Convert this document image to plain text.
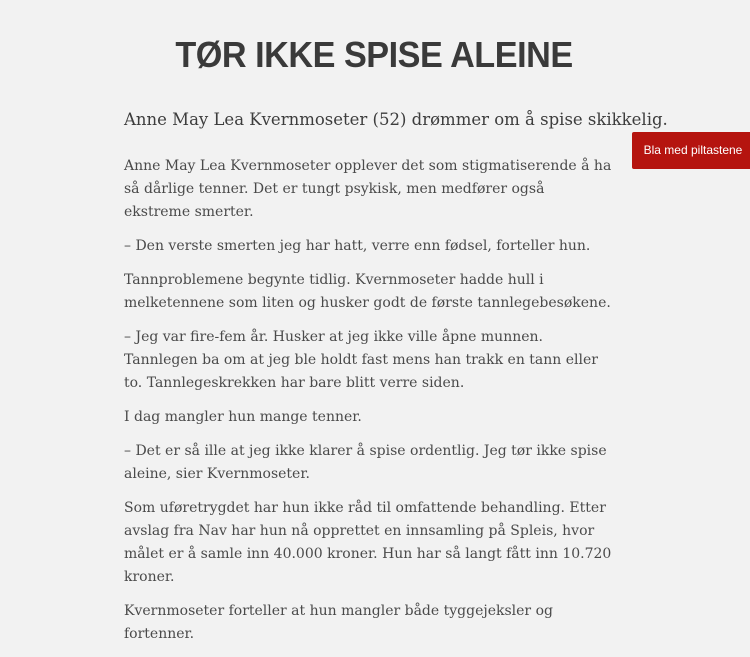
TØR IKKE SPISE ALEINE

Anne May Lea Kvernmoseter (52) drømmer om å spise skikkelig.

Anne May Lea Kvernmoseter opplever det som stigmatiserende å ha så dårlige tenner. Det er tungt psykisk, men medfører også ekstreme smerter.

– Den verste smerten jeg har hatt, verre enn fødsel, forteller hun.

Tannproblemene begynte tidlig. Kvernmoseter hadde hull i melketennene som liten og husker godt de første tannlegebesøkene.

– Jeg var fire-fem år. Husker at jeg ikke ville åpne munnen. Tannlegen ba om at jeg ble holdt fast mens han trakk en tann eller to. Tannlegeskrekken har bare blitt verre siden.

I dag mangler hun mange tenner.

– Det er så ille at jeg ikke klarer å spise ordentlig. Jeg tør ikke spise aleine, sier Kvernmoseter.

Som uføretrygdet har hun ikke råd til omfattende behandling. Etter avslag fra Nav har hun nå opprettet en innsamling på Spleis, hvor målet er å samle inn 40.000 kroner. Hun har så langt fått inn 10.720 kroner.

Kvernmoseter forteller at hun mangler både tyggejeksler og fortenner.

Bla med piltastene
